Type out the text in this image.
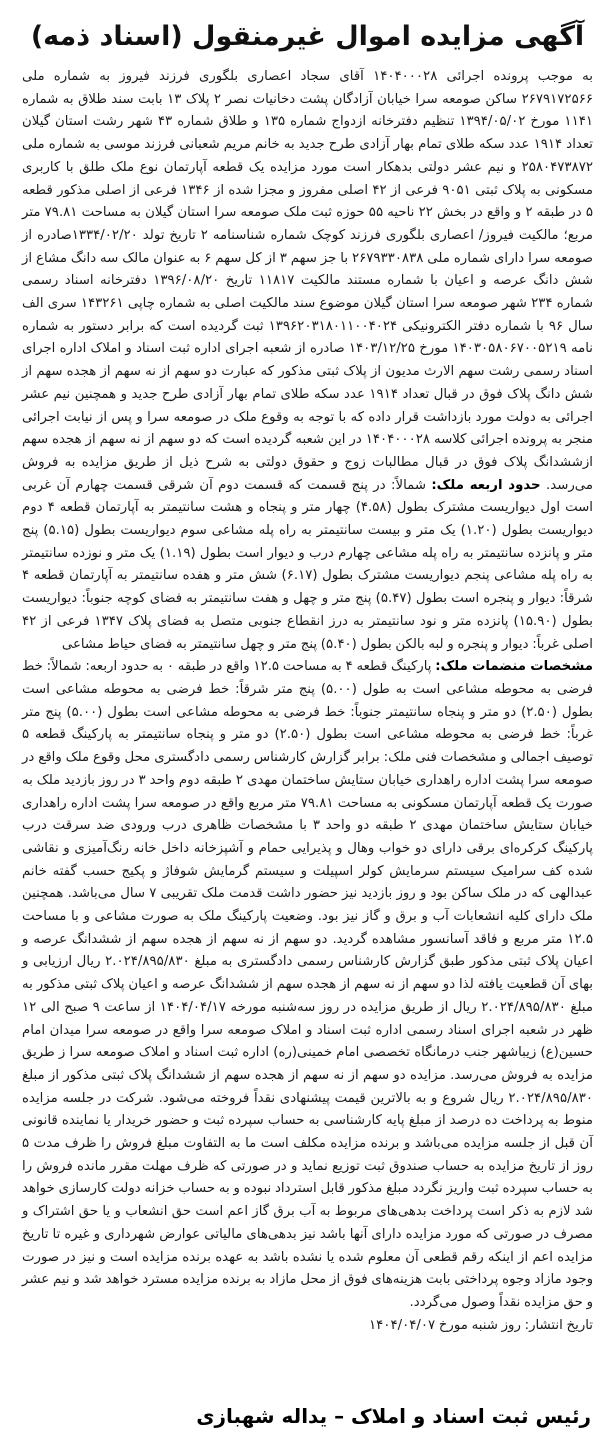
آگهی مزایده اموال غیرمنقول (اسناد ذمه)

به موجب پرونده اجرائی ۱۴۰۴۰۰۰۲۸ آقای سجاد اعصاری بلگوری فرزند فیروز به شماره ملی ۲۶۷۹۱۷۲۵۶۶ ساکن صومعه سرا خیابان آزادگان پشت دخانیات نصر ۲ پلاک ۱۳ بابت سند طلاق به شماره ۱۱۴۱ مورخ ۱۳۹۴/۰۵/۰۲ تنظیم دفترخانه ازدواج شماره ۱۳۵ و طلاق شماره ۴۳ شهر رشت استان گیلان تعداد ۱۹۱۴ عدد سکه طلای تمام بهار آزادی طرح جدید به خانم مریم شعبانی فرزند موسی به شماره ملی ۲۵۸۰۴۷۳۸۷۲ و نیم عشر دولتی بدهکار است مورد مزایده یک قطعه آپارتمان نوع ملک طلق با کاربری مسکونی به پلاک ثبتی ۹۰۵۱ فرعی از ۴۲ اصلی مفروز و مجزا شده از ۱۳۴۶ فرعی از اصلی مذکور قطعه ۵ در طبقه ۲ و واقع در بخش ۲۲ ناحیه ۵۵ حوزه ثبت ملک صومعه سرا استان گیلان به مساحت ۷۹.۸۱ متر مربع؛ مالکیت فیروز/ اعصاری بلگوری فرزند کوچک شماره شناسنامه ۲ تاریخ تولد ۱۳۳۴/۰۲/۲۰صادره از صومعه سرا دارای شماره ملی ۲۶۷۹۳۳۰۸۳۸ با جز سهم ۳ از کل سهم ۶ به عنوان مالک سه دانگ مشاع از شش دانگ عرصه و اعیان با شماره مستند مالکیت ۱۱۸۱۷ تاریخ ۱۳۹۶/۰۸/۲۰ دفترخانه اسناد رسمی شماره ۲۳۴ شهر صومعه سرا استان گیلان موضوع سند مالکیت اصلی به شماره چاپی ۱۴۳۲۶۱ سری الف سال ۹۶ با شماره دفتر الکترونیکی ۱۳۹۶۲۰۳۱۸۰۱۱۰۰۴۰۲۴ ثبت گردیده است که برابر دستور به شماره نامه ۱۴۰۳۰۵۸۰۶۷۰۰۵۲۱۹ مورخ ۱۴۰۳/۱۲/۲۵ صادره از شعبه اجرای اداره ثبت اسناد و املاک اداره اجرای اسناد رسمی رشت سهم الارث مدیون از پلاک ثبتی مذکور که عبارت دو سهم از نه سهم از هجده سهم از شش دانگ پلاک فوق در قبال تعداد ۱۹۱۴ عدد سکه طلای تمام بهار آزادی طرح جدید و همچنین نیم عشر اجرائی به دولت مورد بازداشت قرار داده که با توجه به وقوع ملک در صومعه سرا و پس از نیابت اجرائی منجر به پرونده اجرائی کلاسه ۱۴۰۴۰۰۰۲۸ در این شعبه گردیده است که دو سهم از نه سهم از هجده سهم ازششدانگ پلاک فوق در قبال مطالبات زوج و حقوق دولتی به شرح ذیل از طریق مزایده به فروش می‌رسد. حدود اربعه ملک: شمالاً: در پنج قسمت که قسمت دوم آن شرقی قسمت چهارم آن غربی است اول دیواریست مشترک بطول (۴.۵۸) چهار متر و پنجاه و هشت سانتیمتر به آپارتمان قطعه ۴ دوم دیواریست بطول (۱.۲۰) یک متر و بیست سانتیمتر به راه پله مشاعی سوم دیواریست بطول (۵.۱۵) پنج متر و پانزده سانتیمتر به راه پله مشاعی چهارم درب و دیوار است بطول (۱.۱۹) یک متر و نوزده سانتیمتر به راه پله مشاعی پنجم دیواریست مشترک بطول (۶.۱۷) شش متر و هفده سانتیمتر به آپارتمان قطعه ۴ شرقاً: دیوار و پنجره است بطول (۵.۴۷) پنج متر و چهل و هفت سانتیمتر به فضای کوچه جنوباً: دیواریست بطول (۱۵.۹۰) پانزده متر و نود سانتیمتر به درز انقطاع جنوبی متصل به فضای پلاک ۱۳۴۷ فرعی از ۴۲ اصلی غرباً: دیوار و پنجره و لبه بالکن بطول (۵.۴۰) پنج متر و چهل سانتیمتر به فضای حیاط مشاعی

مشخصات منضمات ملک: پارکینگ قطعه ۴ به مساحت ۱۲.۵ واقع در طبقه ۰ به حدود اربعه: شمالاً: خط فرضی به محوطه مشاعی است به طول (۵.۰۰) پنج متر شرقاً: خط فرضی به محوطه مشاعی است بطول (۲.۵۰) دو متر و پنجاه سانتیمتر جنوباً: خط فرضی به محوطه مشاعی است بطول (۵.۰۰) پنج متر غرباً: خط فرضی به محوطه مشاعی است بطول (۲.۵۰) دو متر و پنجاه سانتیمتر به پارکینگ قطعه ۵ توصیف اجمالی و مشخصات فنی ملک: برابر گزارش کارشناس رسمی دادگستری محل وقوع ملک واقع در صومعه سرا پشت اداره راهداری خیابان ستایش ساختمان مهدی ۲ طبقه دوم واحد ۳ در روز بازدید ملک به صورت یک قطعه آپارتمان مسکونی به مساحت ۷۹.۸۱ متر مربع واقع در صومعه سرا پشت اداره راهداری خیابان ستایش ساختمان مهدی ۲ طبقه دو واحد ۳ با مشخصات ظاهری درب ورودی ضد سرقت درب پارکینگ کرکره‌ای برقی دارای دو خواب وهال و پذیرایی حمام و آشپزخانه داخل خانه رنگ‌آمیزی و نقاشی شده کف سرامیک سیستم سرمایش کولر اسپیلت و سیستم گرمایش شوفاژ و پکیج حسب گفته خانم عبدالهی که در ملک ساکن بود و روز بازدید نیز حضور داشت قدمت ملک تقریبی ۷ سال می‌باشد. همچنین ملک دارای کلیه انشعابات آب و برق و گاز نیز بود. وضعیت پارکینگ ملک به صورت مشاعی و با مساحت ۱۲.۵ متر مربع و فاقد آسانسور مشاهده گردید. دو سهم از نه سهم از هجده سهم از ششدانگ عرصه و اعیان پلاک ثبتی مذکور طبق گزارش کارشناس رسمی دادگستری به مبلغ ۲.۰۲۴/۸۹۵/۸۳۰ ریال ارزیابی و بهای آن قطعیت یافته لذا دو سهم از نه سهم از هجده سهم از ششدانگ عرصه و اعیان پلاک ثبتی مذکور به مبلغ ۲.۰۲۴/۸۹۵/۸۳۰ ریال از طریق مزایده در روز سه‌شنبه مورخه ۱۴۰۴/۰۴/۱۷ از ساعت ۹ صبح الی ۱۲ ظهر در شعبه اجرای اسناد رسمی اداره ثبت اسناد و املاک صومعه سرا واقع در صومعه سرا میدان امام حسین(ع) زیباشهر جنب درمانگاه تخصصی امام خمینی(ره) اداره ثبت اسناد و املاک صومعه سرا ز طریق مزایده به فروش می‌رسد. مزایده دو سهم از نه سهم از هجده سهم از ششدانگ پلاک ثبتی مذکور از مبلغ ۲.۰۲۴/۸۹۵/۸۳۰ ریال شروع و به بالاترین قیمت پیشنهادی نقداً فروخته می‌شود. شرکت در جلسه مزایده منوط به پرداخت ده درصد از مبلغ پایه کارشناسی به حساب سپرده ثبت و حضور خریدار یا نماینده قانونی آن قبل از جلسه مزایده می‌باشد و برنده مزایده مکلف است ما به التفاوت مبلغ فروش را ظرف مدت ۵ روز از تاریخ مزایده به حساب صندوق ثبت توزیع نماید و در صورتی که ظرف مهلت مقرر مانده فروش را به حساب سپرده ثبت واریز نگردد مبلغ مذکور قابل استرداد نبوده و به حساب خزانه دولت کارسازی خواهد شد لازم به ذکر است پرداخت بدهی‌های مربوط به آب برق گاز اعم است حق انشعاب و یا حق اشتراک و مصرف در صورتی که مورد مزایده دارای آنها باشد نیز بدهی‌های مالیاتی عوارض شهرداری و غیره تا تاریخ مزایده اعم از اینکه رقم قطعی آن معلوم شده یا نشده باشد به عهده برنده مزایده است و نیز در صورت وجود مازاد وجوه پرداختی بابت هزینه‌های فوق از محل مازاد به برنده مزایده مسترد خواهد شد و نیم عشر و حق مزایده نقداً وصول می‌گردد.

تاریخ انتشار: روز شنبه مورخ ۱۴۰۴/۰۴/۰۷

رئیس ثبت اسناد و املاک – یداله شهبازی
